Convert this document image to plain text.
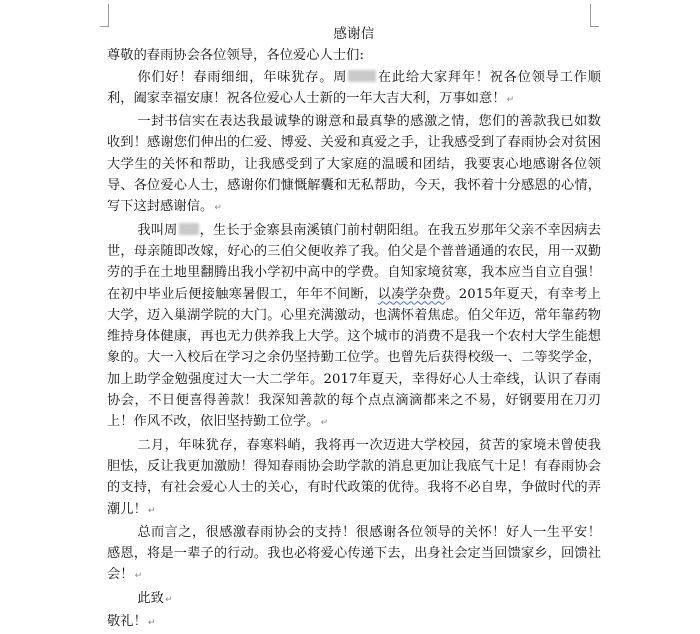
感谢信

尊敬的春雨协会各位领导，各位爱心人士们:

你们好！春雨细细，年味犹存。周 在此给大家拜年！祝各位领导工作顺利，阖家幸福安康！祝各位爱心人士新的一年大吉大利，万事如意！↵

一封书信实在表达我最诚挚的谢意和最真挚的感激之情，您们的善款我已如数收到！感谢您们伸出的仁爱、博爱、关爱和真爱之手，让我感受到了春雨协会对贫困大学生的关怀和帮助，让我感受到了大家庭的温暖和团结，我要衷心地感谢各位领导、各位爱心人士，感谢你们慷慨解囊和无私帮助，今天，我怀着十分感恩的心情，写下这封感谢信。↵

我叫周 ，生长于金寨县南溪镇门前村朝阳组。在我五岁那年父亲不幸因病去世，母亲随即改嫁，好心的三伯父便收养了我。伯父是个普普通通的农民，用一双勤劳的手在土地里翻腾出我小学初中高中的学费。自知家境贫寒，我本应当自立自强！在初中毕业后便接触寒暑假工，年年不间断，以凑学杂费。2015年夏天，有幸考上大学，迈入巢湖学院的大门。心里充满激动，也满怀着焦虑。伯父年迈，常年靠药物维持身体健康，再也无力供养我上大学。这个城市的消费不是我一个农村大学生能想象的。大一入校后在学习之余仍坚持勤工位学。也曾先后获得校级一、二等奖学金，加上助学金勉强度过大一大二学年。2017年夏天，幸得好心人士牵线，认识了春雨协会，不日便喜得善款！我深知善款的每个点点滴滴都来之不易，好钢要用在刀刃上！作风不改，依旧坚持勤工位学。↵

二月，年味犹存，春寒料峭，我将再一次迈进大学校园，贫苦的家境未曾使我胆怯，反让我更加激励！得知春雨协会助学款的消息更加让我底气十足！有春雨协会的支持，有社会爱心人士的关心，有时代政策的优待。我将不必自卑，争做时代的弄潮儿！↵

总而言之，很感激春雨协会的支持！很感谢各位领导的关怀！好人一生平安！感恩，将是一辈子的行动。我也必将爱心传递下去，出身社会定当回馈家乡，回馈社会！↵

此致↵

敬礼！↵
